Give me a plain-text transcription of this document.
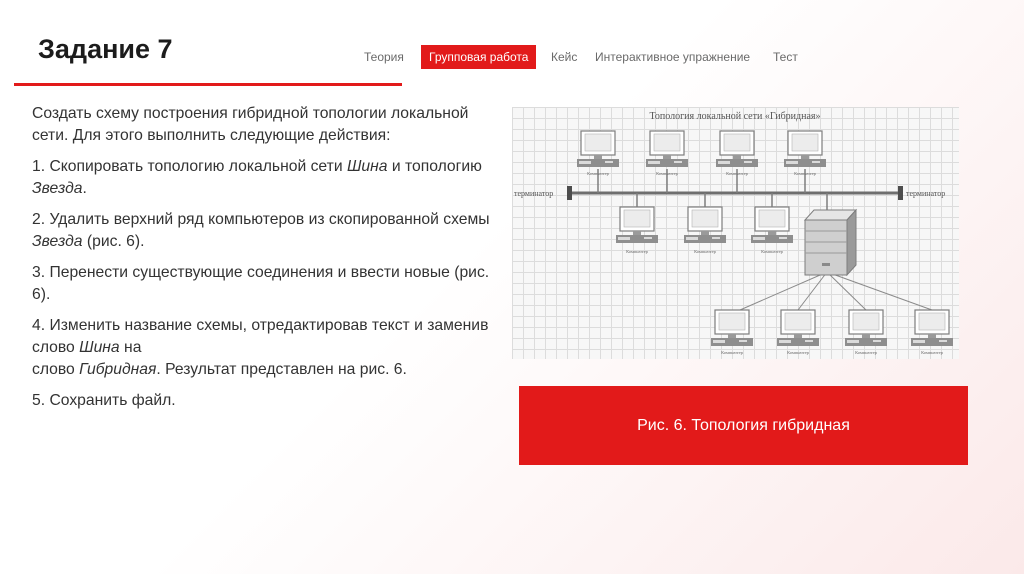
Задание 7	Теория	Групповая работа	Кейс Интерактивное упражнение Тест

Создать схему построения гибридной топологии локальной сети. Для этого выполнить следующие действия:

1. Скопировать топологию локальной сети Шина и топологию Звезда.

2. Удалить верхний ряд компьютеров из скопированной схемы Звезда (рис. 6).

3. Перенести существующие соединения и ввести новые (рис. 6).

4. Изменить название схемы, отредактировав текст и заменив слово Шина на
слово Гибридная. Результат представлен на рис. 6.

5. Сохранить файл.

Топология локальной сети «Гибридная»
терминатор	терминатор
Компьютер	Компьютер	Компьютер	Компьютер
Компьютер	Компьютер	Компьютер
Компьютер	Компьютер	Компьютер	Компьютер
Рис. 6. Топология гибридная
